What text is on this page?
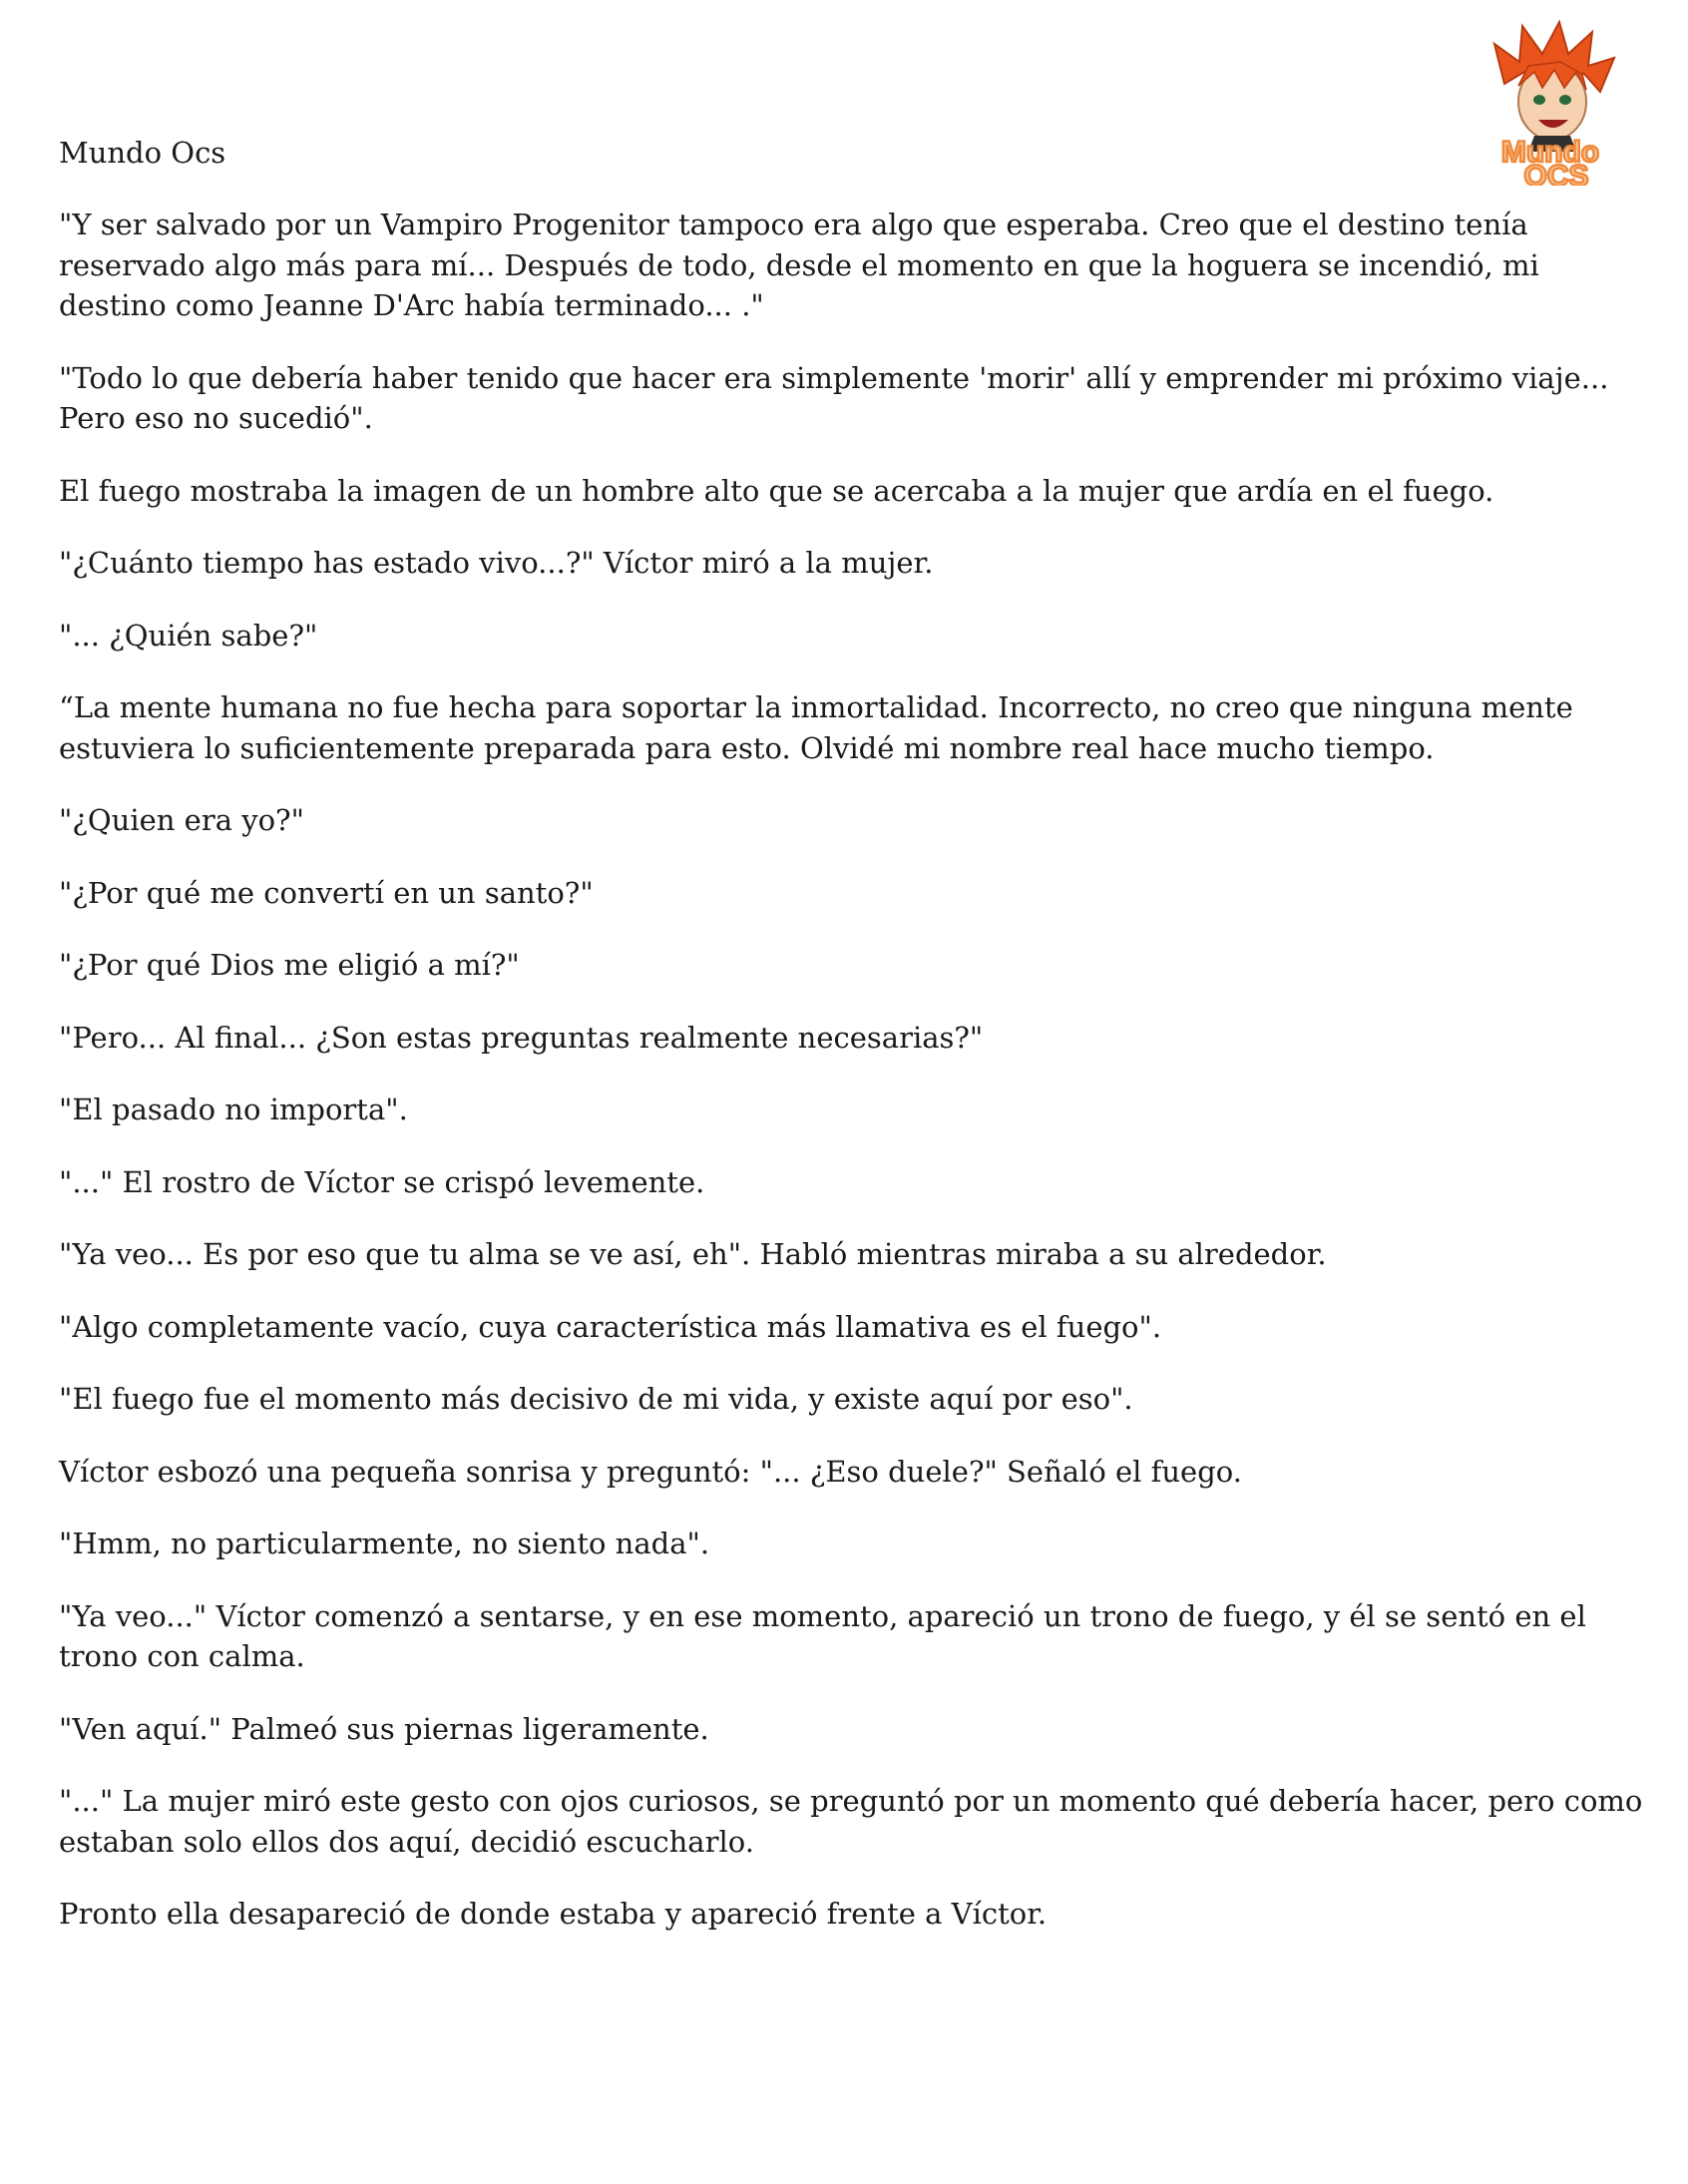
Mundo
OCS

Mundo Ocs

"Y ser salvado por un Vampiro Progenitor tampoco era algo que esperaba. Creo que el destino tenía reservado algo más para mí... Después de todo, desde el momento en que la hoguera se incendió, mi destino como Jeanne D'Arc había terminado... ."

"Todo lo que debería haber tenido que hacer era simplemente 'morir' allí y emprender mi próximo viaje... Pero eso no sucedió".

El fuego mostraba la imagen de un hombre alto que se acercaba a la mujer que ardía en el fuego.

"¿Cuánto tiempo has estado vivo...?" Víctor miró a la mujer.

"... ¿Quién sabe?"

“La mente humana no fue hecha para soportar la inmortalidad. Incorrecto, no creo que ninguna mente estuviera lo suficientemente preparada para esto. Olvidé mi nombre real hace mucho tiempo.

"¿Quien era yo?"

"¿Por qué me convertí en un santo?"

"¿Por qué Dios me eligió a mí?"

"Pero... Al final... ¿Son estas preguntas realmente necesarias?"

"El pasado no importa".

"..." El rostro de Víctor se crispó levemente.

"Ya veo... Es por eso que tu alma se ve así, eh". Habló mientras miraba a su alrededor.

"Algo completamente vacío, cuya característica más llamativa es el fuego".

"El fuego fue el momento más decisivo de mi vida, y existe aquí por eso".

Víctor esbozó una pequeña sonrisa y preguntó: "... ¿Eso duele?" Señaló el fuego.

"Hmm, no particularmente, no siento nada".

"Ya veo..." Víctor comenzó a sentarse, y en ese momento, apareció un trono de fuego, y él se sentó en el trono con calma.

"Ven aquí." Palmeó sus piernas ligeramente.

"..." La mujer miró este gesto con ojos curiosos, se preguntó por un momento qué debería hacer, pero como estaban solo ellos dos aquí, decidió escucharlo.

Pronto ella desapareció de donde estaba y apareció frente a Víctor.
